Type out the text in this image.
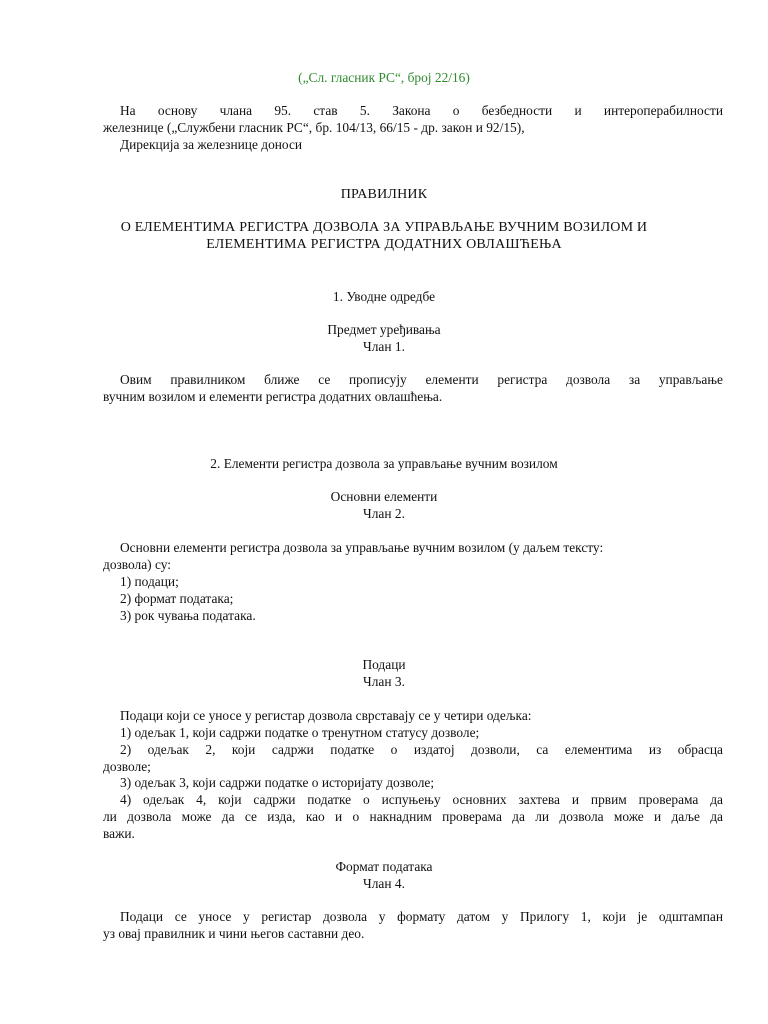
(„Сл. гласник РС“, број 22/16)
На основу члана 95. став 5. Закона о безбедности и интероперабилности
железнице („Службени гласник РС“, бр. 104/13, 66/15 - др. закон и 92/15),
Дирекција за железнице доноси
ПРАВИЛНИК
О ЕЛЕМЕНТИМА РЕГИСТРА ДОЗВОЛА ЗА УПРАВЉАЊЕ ВУЧНИМ ВОЗИЛОМ И
ЕЛЕМЕНТИМА РЕГИСТРА ДОДАТНИХ ОВЛАШЋЕЊА
1. Уводне одредбе
Предмет уређивања
Члан 1.
Овим правилником ближе се прописују елементи регистра дозвола за управљање
вучним возилом и елементи регистра додатних овлашћења.
2. Елементи регистра дозвола за управљање вучним возилом
Основни елементи
Члан 2.
Основни елементи регистра дозвола за управљање вучним возилом (у даљем тексту:
дозвола) су:
1) подаци;
2) формат података;
3) рок чувања података.
Подаци
Члан 3.
Подаци који се уносе у регистар дозвола сврставају се у четири одељка:
1) одељак 1, који садржи податке о тренутном статусу дозволе;
2) одељак 2, који садржи податке о издатој дозволи, са елементима из обрасца
дозволе;
3) одељак 3, који садржи податке о историјату дозволе;
4) одељак 4, који садржи податке о испуњењу основних захтева и првим проверама да
ли дозвола може да се изда, као и о накнадним проверама да ли дозвола може и даље да
важи.
Формат података
Члан 4.
Подаци се уносе у регистар дозвола у формату датом у Прилогу 1, који је одштампан
уз овај правилник и чини његов саставни део.
